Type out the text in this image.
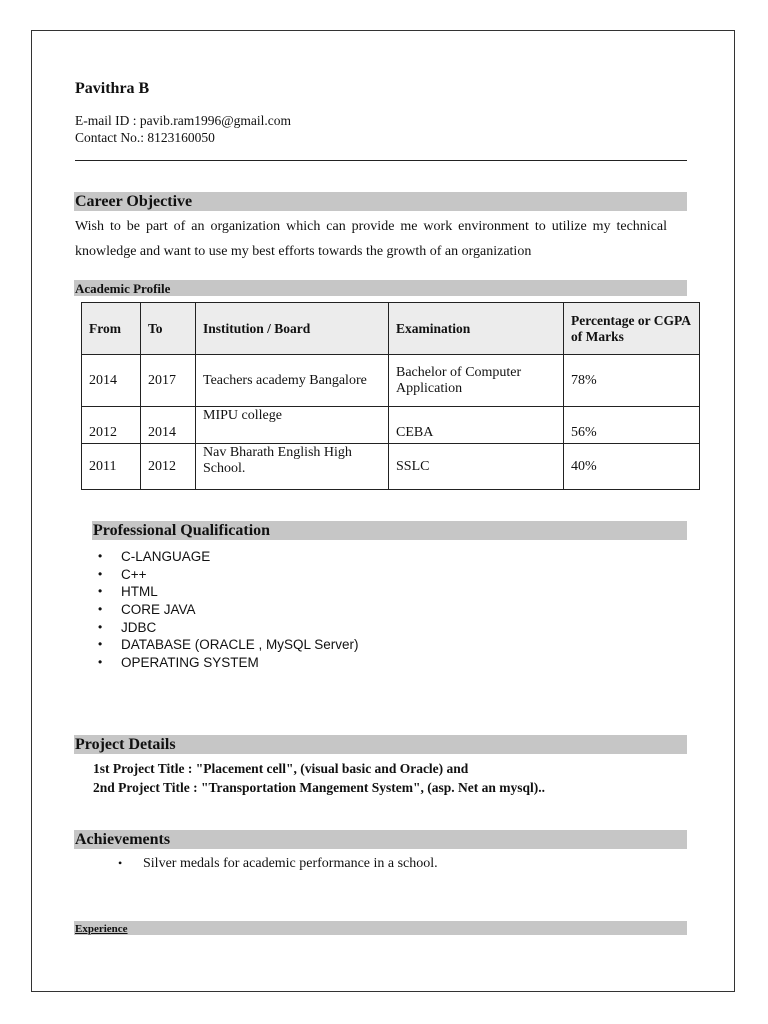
Pavithra B
E-mail ID : pavib.ram1996@gmail.com
Contact No.: 8123160050
Career Objective
Wish to be part of an organization which can provide me work environment to utilize my technical knowledge and want to use my best efforts towards the growth of an organization
Academic Profile
From	To	Institution / Board	Examination	Percentage or CGPA of Marks
2014	2017	Teachers academy Bangalore	Bachelor of Computer Application	78%
2012	2014	MIPU college	CEBA	56%
2011	2012	Nav Bharath English High School.	SSLC	40%
Professional Qualification
• C-LANGUAGE
• C++
• HTML
• CORE JAVA
• JDBC
• DATABASE (ORACLE , MySQL Server)
• OPERATING SYSTEM
Project Details
1st Project Title : "Placement cell", (visual basic and Oracle) and
2nd Project Title : "Transportation Mangement System", (asp. Net an mysql)..
Achievements
• Silver medals for academic performance in a school.
Experience
